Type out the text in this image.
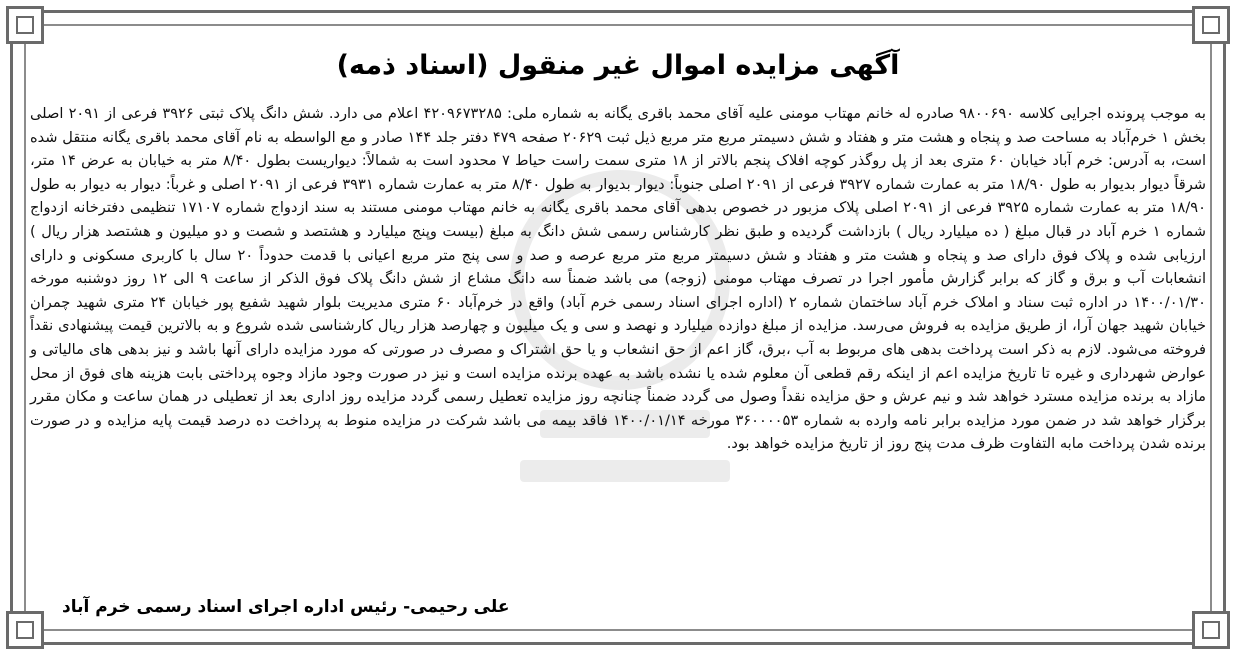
آگهی مزایده اموال غیر منقول (اسناد ذمه)
به موجب پرونده اجرایی کلاسه ۹۸۰۰۶۹۰ صادره له خانم مهتاب مومنی علیه آقای محمد باقری یگانه به شماره ملی: ۴۲۰۹۶۷۳۲۸۵ اعلام می دارد. شش دانگ پلاک ثبتی ۳۹۲۶ فرعی از ۲۰۹۱ اصلی بخش ۱ خرم‌آباد به مساحت صد و پنجاه و هشت متر و هفتاد و شش دسیمتر مربع متر مربع ذیل ثبت ۲۰۶۲۹ صفحه ۴۷۹ دفتر جلد ۱۴۴ صادر و مع الواسطه به نام آقای محمد باقری یگانه منتقل شده است، به آدرس: خرم آباد خیابان ۶۰ متری بعد از پل روگذر کوچه افلاک پنجم بالاتر از ۱۸ متری سمت راست حیاط ۷ محدود است به شمالاً: دیواریست بطول ۸/۴۰ متر به خیابان به عرض ۱۴ متر، شرقاً دیوار بدیوار به طول ۱۸/۹۰ متر به عمارت شماره ۳۹۲۷ فرعی از ۲۰۹۱ اصلی جنوباً: دیوار بدیوار به طول ۸/۴۰ متر به عمارت شماره ۳۹۳۱ فرعی از ۲۰۹۱ اصلی و غرباً: دیوار به دیوار به طول ۱۸/۹۰ متر به عمارت شماره ۳۹۲۵ فرعی از ۲۰۹۱ اصلی پلاک مزبور در خصوص بدهی آقای محمد باقری یگانه به خانم مهتاب مومنی مستند به سند ازدواج شماره ۱۷۱۰۷ تنظیمی دفترخانه ازدواج شماره ۱ خرم آباد در قبال مبلغ ( ده میلیارد ریال ) بازداشت گردیده و طبق نظر کارشناس رسمی شش دانگ به مبلغ (بیست وپنج میلیارد و هشتصد و شصت و دو میلیون و هشتصد هزار ریال ) ارزیابی شده و پلاک فوق دارای صد و پنجاه و هشت متر و هفتاد و شش دسیمتر مربع متر مربع عرصه و صد و سی پنج متر مربع اعیانی با قدمت حدوداً ۲۰ سال با کاربری مسکونی و دارای انشعابات آب و برق و گاز که برابر گزارش مأمور اجرا در تصرف مهتاب مومنی (زوجه) می باشد ضمناً سه دانگ مشاع از شش دانگ پلاک فوق الذکر از ساعت ۹ الی ۱۲ روز دوشنبه مورخه ۱۴۰۰/۰۱/۳۰ در اداره ثبت سناد و املاک خرم آباد ساختمان شماره ۲ (اداره اجرای اسناد رسمی خرم آباد) واقع در خرم‌آباد ۶۰ متری مدیریت بلوار شهید شفیع پور خیابان ۲۴ متری شهید چمران خیابان شهید جهان آرا، از طریق مزایده به فروش می‌رسد. مزایده از مبلغ دوازده میلیارد و نهصد و سی و یک میلیون و چهارصد هزار ریال کارشناسی شده شروع و به بالاترین قیمت پیشنهادی نقداً فروخته می‌شود. لازم به ذکر است پرداخت بدهی های مربوط به آب ،برق، گاز اعم از حق انشعاب و یا حق اشتراک و مصرف در صورتی که مورد مزایده دارای آنها باشد و نیز بدهی های مالیاتی و عوارض شهرداری و غیره تا تاریخ مزایده اعم از اینکه رقم قطعی آن معلوم شده یا نشده باشد به عهده برنده مزایده است و نیز در صورت وجود مازاد وجوه پرداختی بابت هزینه های فوق از محل مازاد به برنده مزایده مسترد خواهد شد و نیم عرش و حق مزایده نقداً وصول می گردد ضمناً چنانچه روز مزایده تعطیل رسمی گردد مزایده روز اداری بعد از تعطیلی در همان ساعت و مکان مقرر برگزار خواهد شد در ضمن مورد مزایده برابر نامه وارده به شماره ۳۶۰۰۰۰۵۳ مورخه ۱۴۰۰/۰۱/۱۴ فاقد بیمه می باشد شرکت در مزایده منوط به پرداخت ده درصد قیمت پایه مزایده و در صورت برنده شدن پرداخت مابه التفاوت ظرف مدت پنج روز از تاریخ مزایده خواهد بود.
علی رحیمی- رئیس اداره اجرای اسناد رسمی خرم آباد
